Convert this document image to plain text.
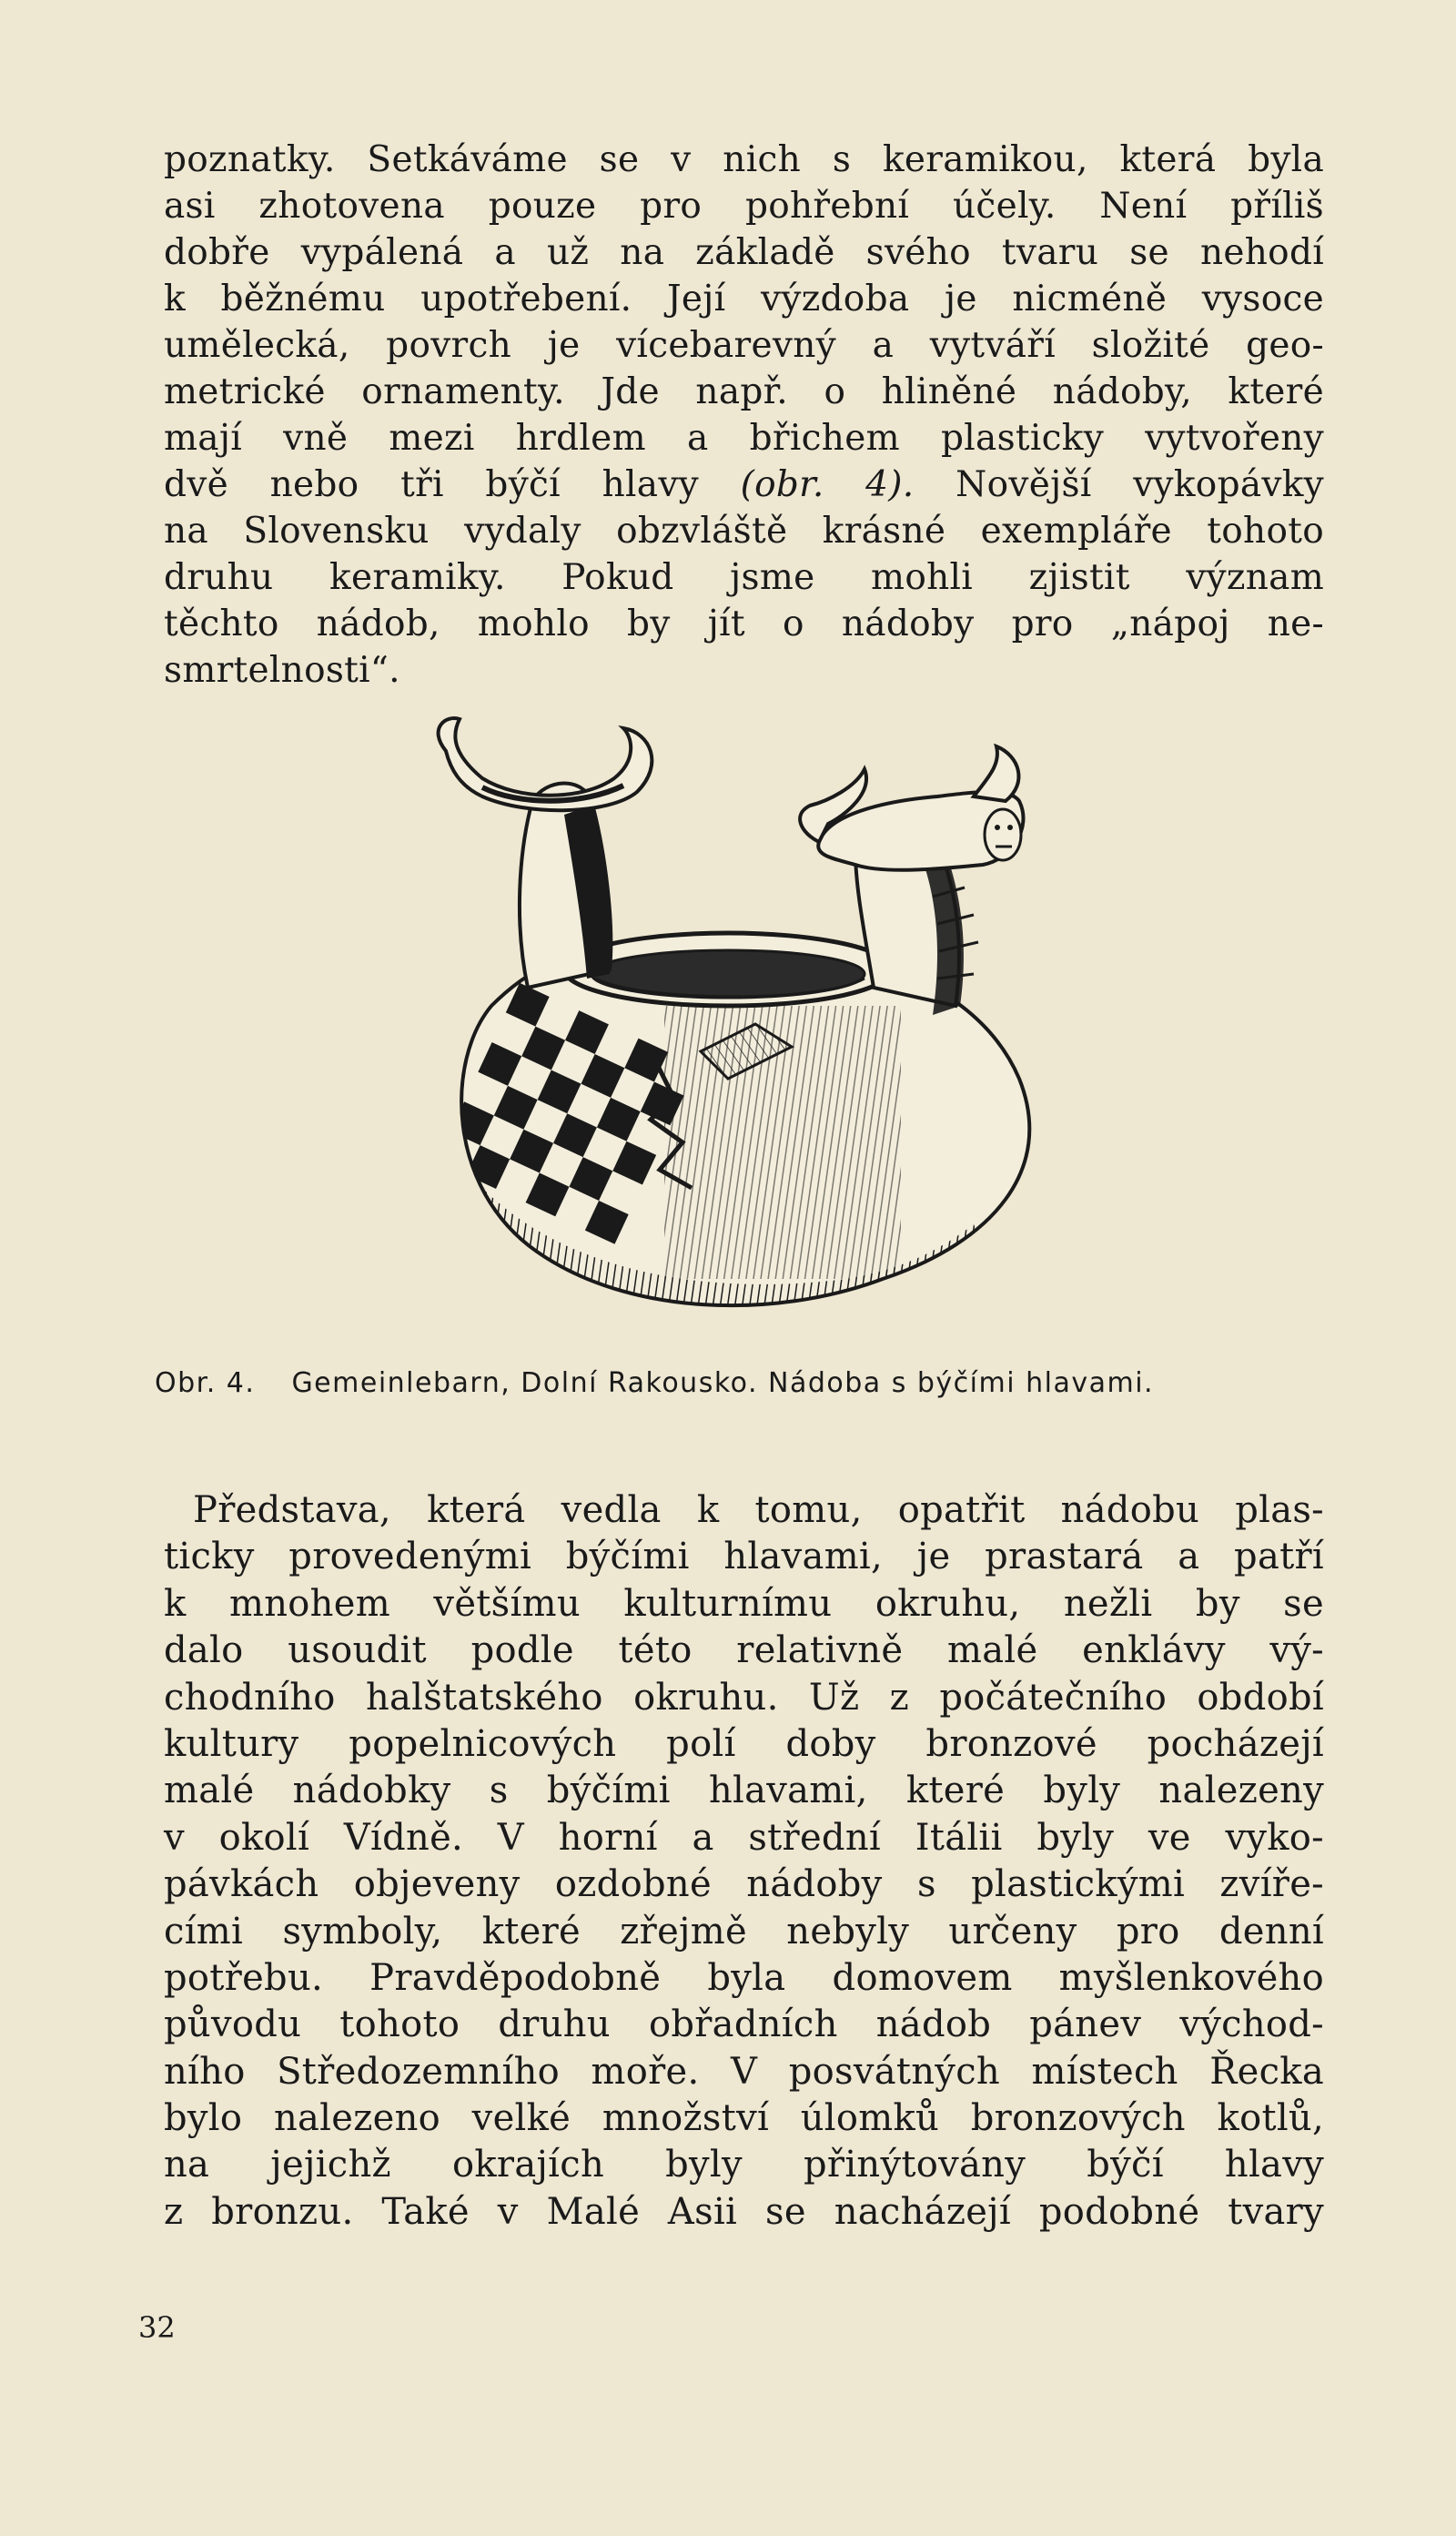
poznatky. Setkáváme se v nich s keramikou, která byla
asi zhotovena pouze pro pohřební účely. Není příliš
dobře vypálená a už na základě svého tvaru se nehodí
k běžnému upotřebení. Její výzdoba je nicméně vysoce
umělecká, povrch je vícebarevný a vytváří složité geo-
metrické ornamenty. Jde např. o hliněné nádoby, které
mají vně mezi hrdlem a břichem plasticky vytvořeny
dvě nebo tři býčí hlavy (obr. 4). Novější vykopávky
na Slovensku vydaly obzvláště krásné exempláře tohoto
druhu keramiky. Pokud jsme mohli zjistit význam
těchto nádob, mohlo by jít o nádoby pro „nápoj ne-
smrtelnosti“.

Obr. 4. Gemeinlebarn, Dolní Rakousko. Nádoba s býčími hlavami.

Představa, která vedla k tomu, opatřit nádobu plas-
ticky provedenými býčími hlavami, je prastará a patří
k mnohem většímu kulturnímu okruhu, nežli by se
dalo usoudit podle této relativně malé enklávy vý-
chodního halštatského okruhu. Už z počátečního období
kultury popelnicových polí doby bronzové pocházejí
malé nádobky s býčími hlavami, které byly nalezeny
v okolí Vídně. V horní a střední Itálii byly ve vyko-
pávkách objeveny ozdobné nádoby s plastickými zvíře-
cími symboly, které zřejmě nebyly určeny pro denní
potřebu. Pravděpodobně byla domovem myšlenkového
původu tohoto druhu obřadních nádob pánev východ-
ního Středozemního moře. V posvátných místech Řecka
bylo nalezeno velké množství úlomků bronzových kotlů,
na jejichž okrajích byly přinýtovány býčí hlavy
z bronzu. Také v Malé Asii se nacházejí podobné tvary

32
